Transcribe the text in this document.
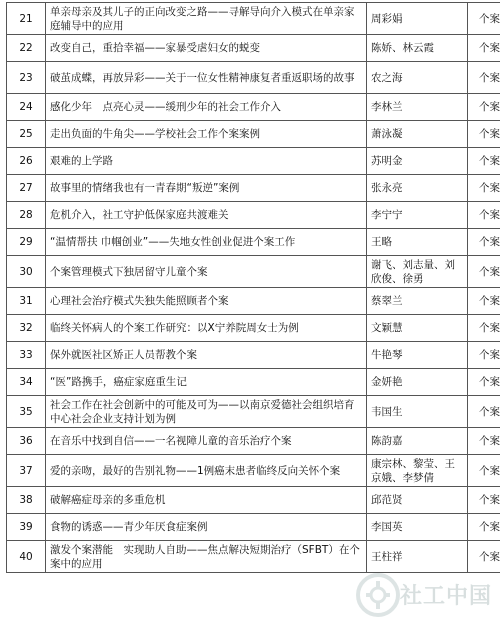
21	单亲母亲及其儿子的正向改变之路——寻解导向介入模式在单亲家庭辅导中的应用	周彩娟	个案
22	改变自己，重拾幸福——家暴受虐妇女的蜕变	陈娇、林云霞	个案
23	破茧成蝶，再放异彩——关于一位女性精神康复者重返职场的故事	农之海	个案
24	感化少年　点亮心灵——缓刑少年的社会工作介入	李林兰	个案
25	走出负面的牛角尖——学校社会工作个案案例	萧泳凝	个案
26	艰难的上学路	苏明金	个案
27	故事里的情绪我也有一青春期“叛逆”案例	张永亮	个案
28	危机介入，社工守护低保家庭共渡难关	李宁宁	个案
29	“温情帮扶 巾帼创业”——失地女性创业促进个案工作	王略	个案
30	个案管理模式下独居留守儿童个案	谢飞、刘志量、刘欣俊、徐勇	个案
31	心理社会治疗模式失独失能照顾者个案	蔡翠兰	个案
32	临终关怀病人的个案工作研究：以X宁养院周女士为例	文颖慧	个案
33	保外就医社区矫正人员帮教个案	牛艳琴	个案
34	“医”路携手，癌症家庭重生记	金妍艳	个案
35	社会工作在社会创新中的可能及可为——以南京爱德社会组织培育中心社会企业支持计划为例	韦国生	个案
36	在音乐中找到自信——一名视障儿童的音乐治疗个案	陈韵嘉	个案
37	爱的亲吻，最好的告别礼物——1例癌末患者临终反向关怀个案	康宗林、黎莹、王京娥、李梦倩	个案
38	破解癌症母亲的多重危机	邱范贤	个案
39	食物的诱惑——青少年厌食症案例	李国英	个案
40	激发个案潜能　实现助人自助——焦点解决短期治疗（SFBT）在个案中的应用	王柱祥	个案
社工中国
